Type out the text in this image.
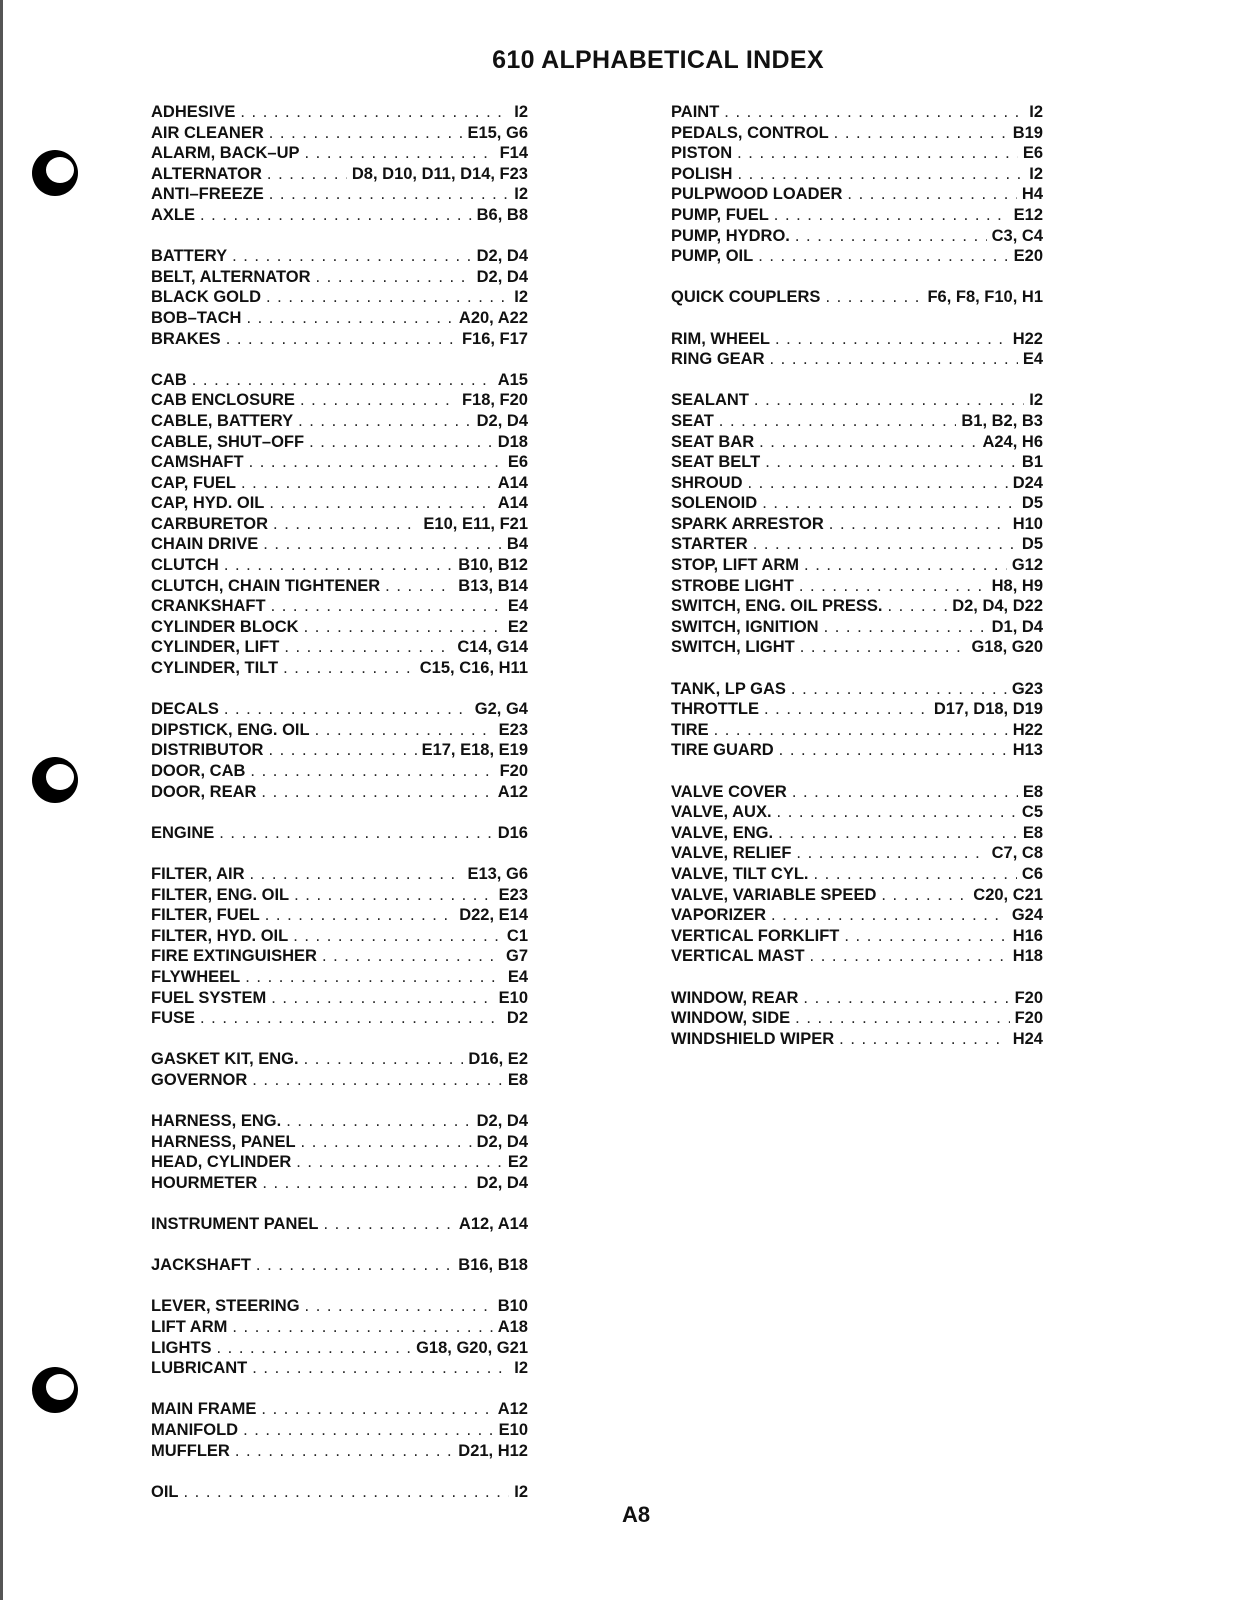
610 ALPHABETICAL INDEX
ADHESIVE . . .	I2
AIR CLEANER . . .	E15, G6
ALARM, BACK–UP . . .	F14
ALTERNATOR . . .	D8, D10, D11, D14, F23
ANTI–FREEZE . . .	I2
AXLE . . .	B6, B8
BATTERY . . .	D2, D4
BELT, ALTERNATOR . . .	D2, D4
BLACK GOLD . . .	I2
BOB–TACH . . .	A20, A22
BRAKES . . .	F16, F17
CAB . . .	A15
CAB ENCLOSURE . . .	F18, F20
CABLE, BATTERY . . .	D2, D4
CABLE, SHUT–OFF . . .	D18
CAMSHAFT . . .	E6
CAP, FUEL . . .	A14
CAP, HYD. OIL . . .	A14
CARBURETOR . . .	E10, E11, F21
CHAIN DRIVE . . .	B4
CLUTCH . . .	B10, B12
CLUTCH, CHAIN TIGHTENER . . .	B13, B14
CRANKSHAFT . . .	E4
CYLINDER BLOCK . . .	E2
CYLINDER, LIFT . . .	C14, G14
CYLINDER, TILT . . .	C15, C16, H11
DECALS . . .	G2, G4
DIPSTICK, ENG. OIL . . .	E23
DISTRIBUTOR . . .	E17, E18, E19
DOOR, CAB . . .	F20
DOOR, REAR . . .	A12
ENGINE . . .	D16
FILTER, AIR . . .	E13, G6
FILTER, ENG. OIL . . .	E23
FILTER, FUEL . . .	D22, E14
FILTER, HYD. OIL . . .	C1
FIRE EXTINGUISHER . . .	G7
FLYWHEEL . . .	E4
FUEL SYSTEM . . .	E10
FUSE . . .	D2
GASKET KIT, ENG. . . .	D16, E2
GOVERNOR . . .	E8
HARNESS, ENG. . . .	D2, D4
HARNESS, PANEL . . .	D2, D4
HEAD, CYLINDER . . .	E2
HOURMETER . . .	D2, D4
INSTRUMENT PANEL . . .	A12, A14
JACKSHAFT . . .	B16, B18
LEVER, STEERING . . .	B10
LIFT ARM . . .	A18
LIGHTS . . .	G18, G20, G21
LUBRICANT . . .	I2
MAIN FRAME . . .	A12
MANIFOLD . . .	E10
MUFFLER . . .	D21, H12
OIL . . .	I2
PAINT . . .	I2
PEDALS, CONTROL . . .	B19
PISTON . . .	E6
POLISH . . .	I2
PULPWOOD LOADER . . .	H4
PUMP, FUEL . . .	E12
PUMP, HYDRO. . . .	C3, C4
PUMP, OIL . . .	E20
QUICK COUPLERS . . .	F6, F8, F10, H1
RIM, WHEEL . . .	H22
RING GEAR . . .	E4
SEALANT . . .	I2
SEAT . . .	B1, B2, B3
SEAT BAR . . .	A24, H6
SEAT BELT . . .	B1
SHROUD . . .	D24
SOLENOID . . .	D5
SPARK ARRESTOR . . .	H10
STARTER . . .	D5
STOP, LIFT ARM . . .	G12
STROBE LIGHT . . .	H8, H9
SWITCH, ENG. OIL PRESS. . . .	D2, D4, D22
SWITCH, IGNITION . . .	D1, D4
SWITCH, LIGHT . . .	G18, G20
TANK, LP GAS . . .	G23
THROTTLE . . .	D17, D18, D19
TIRE . . .	H22
TIRE GUARD . . .	H13
VALVE COVER . . .	E8
VALVE, AUX. . . .	C5
VALVE, ENG. . . .	E8
VALVE, RELIEF . . .	C7, C8
VALVE, TILT CYL. . . .	C6
VALVE, VARIABLE SPEED . . .	C20, C21
VAPORIZER . . .	G24
VERTICAL FORKLIFT . . .	H16
VERTICAL MAST . . .	H18
WINDOW, REAR . . .	F20
WINDOW, SIDE . . .	F20
WINDSHIELD WIPER . . .	H24
A8
